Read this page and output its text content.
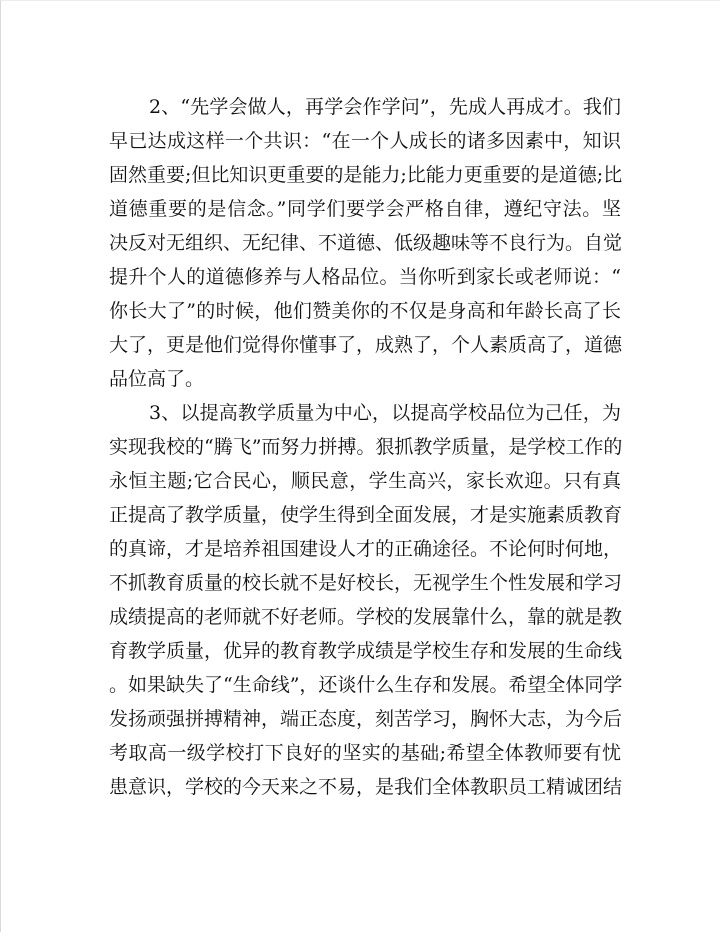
2、“先学会做人，再学会作学问”，先成人再成才。我们
早已达成这样一个共识：“在一个人成长的诸多因素中，知识
固然重要;但比知识更重要的是能力;比能力更重要的是道德;比
道德重要的是信念。”同学们要学会严格自律，遵纪守法。坚
决反对无组织、无纪律、不道德、低级趣味等不良行为。自觉
提升个人的道德修养与人格品位。当你听到家长或老师说：“
你长大了”的时候，他们赞美你的不仅是身高和年龄长高了长
大了，更是他们觉得你懂事了，成熟了，个人素质高了，道德
品位高了。
3、以提高教学质量为中心，以提高学校品位为己任，为
实现我校的“腾飞”而努力拼搏。狠抓教学质量，是学校工作的
永恒主题;它合民心，顺民意，学生高兴，家长欢迎。只有真
正提高了教学质量，使学生得到全面发展，才是实施素质教育
的真谛，才是培养祖国建设人才的正确途径。不论何时何地，
不抓教育质量的校长就不是好校长，无视学生个性发展和学习
成绩提高的老师就不好老师。学校的发展靠什么，靠的就是教
育教学质量，优异的教育教学成绩是学校生存和发展的生命线
。如果缺失了“生命线”，还谈什么生存和发展。希望全体同学
发扬顽强拼搏精神，端正态度，刻苦学习，胸怀大志，为今后
考取高一级学校打下良好的坚实的基础;希望全体教师要有忧
患意识，学校的今天来之不易，是我们全体教职员工精诚团结
